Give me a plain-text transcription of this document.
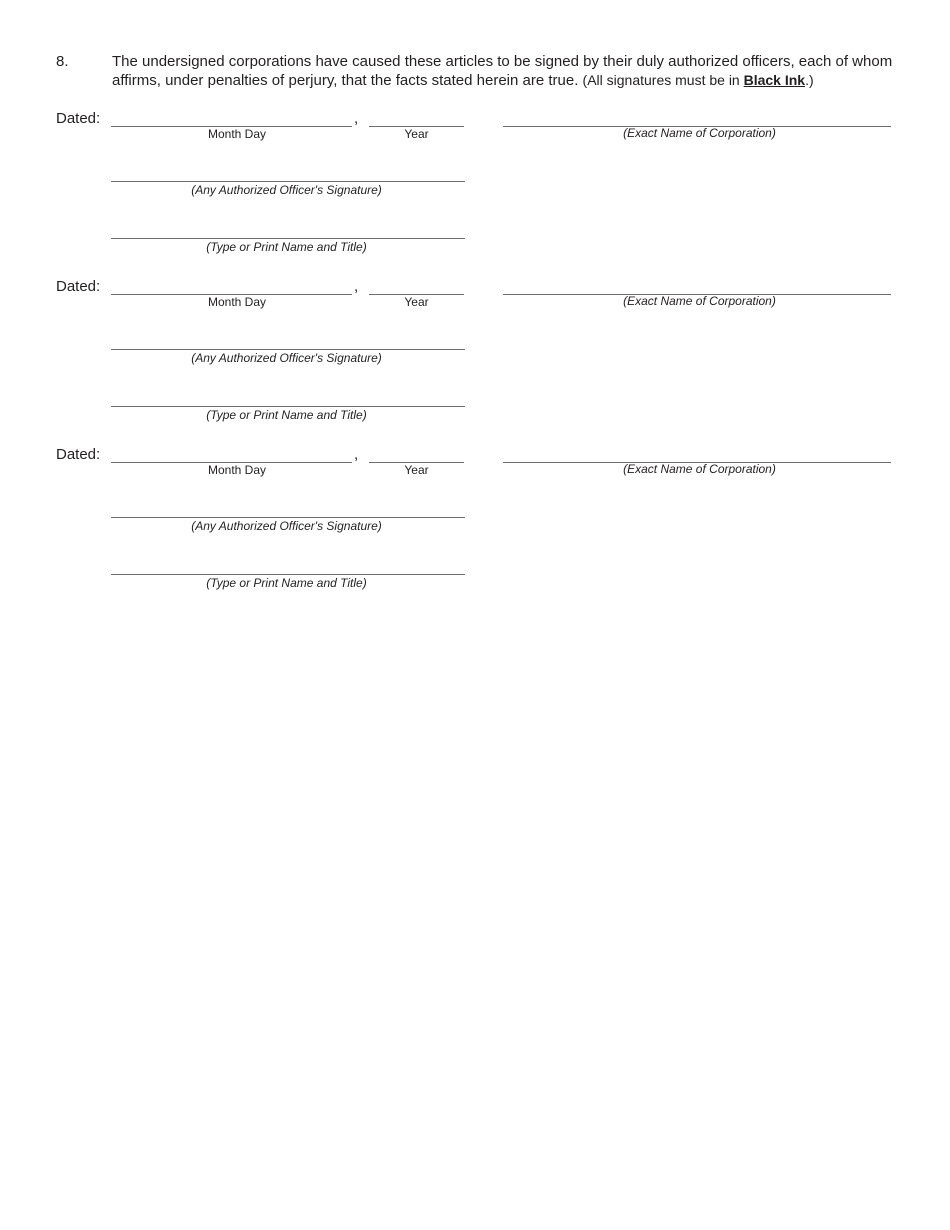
8.	The undersigned corporations have caused these articles to be signed by their duly authorized officers, each of whom affirms, under penalties of perjury, that the facts stated herein are true. (All signatures must be in Black Ink.)
Dated:	,
Month Day	Year	(Exact Name of Corporation)
(Any Authorized Officer's Signature)
(Type or Print Name and Title)
Dated:	,
Month Day	Year	(Exact Name of Corporation)
(Any Authorized Officer's Signature)
(Type or Print Name and Title)
Dated:	,
Month Day	Year	(Exact Name of Corporation)
(Any Authorized Officer's Signature)
(Type or Print Name and Title)
